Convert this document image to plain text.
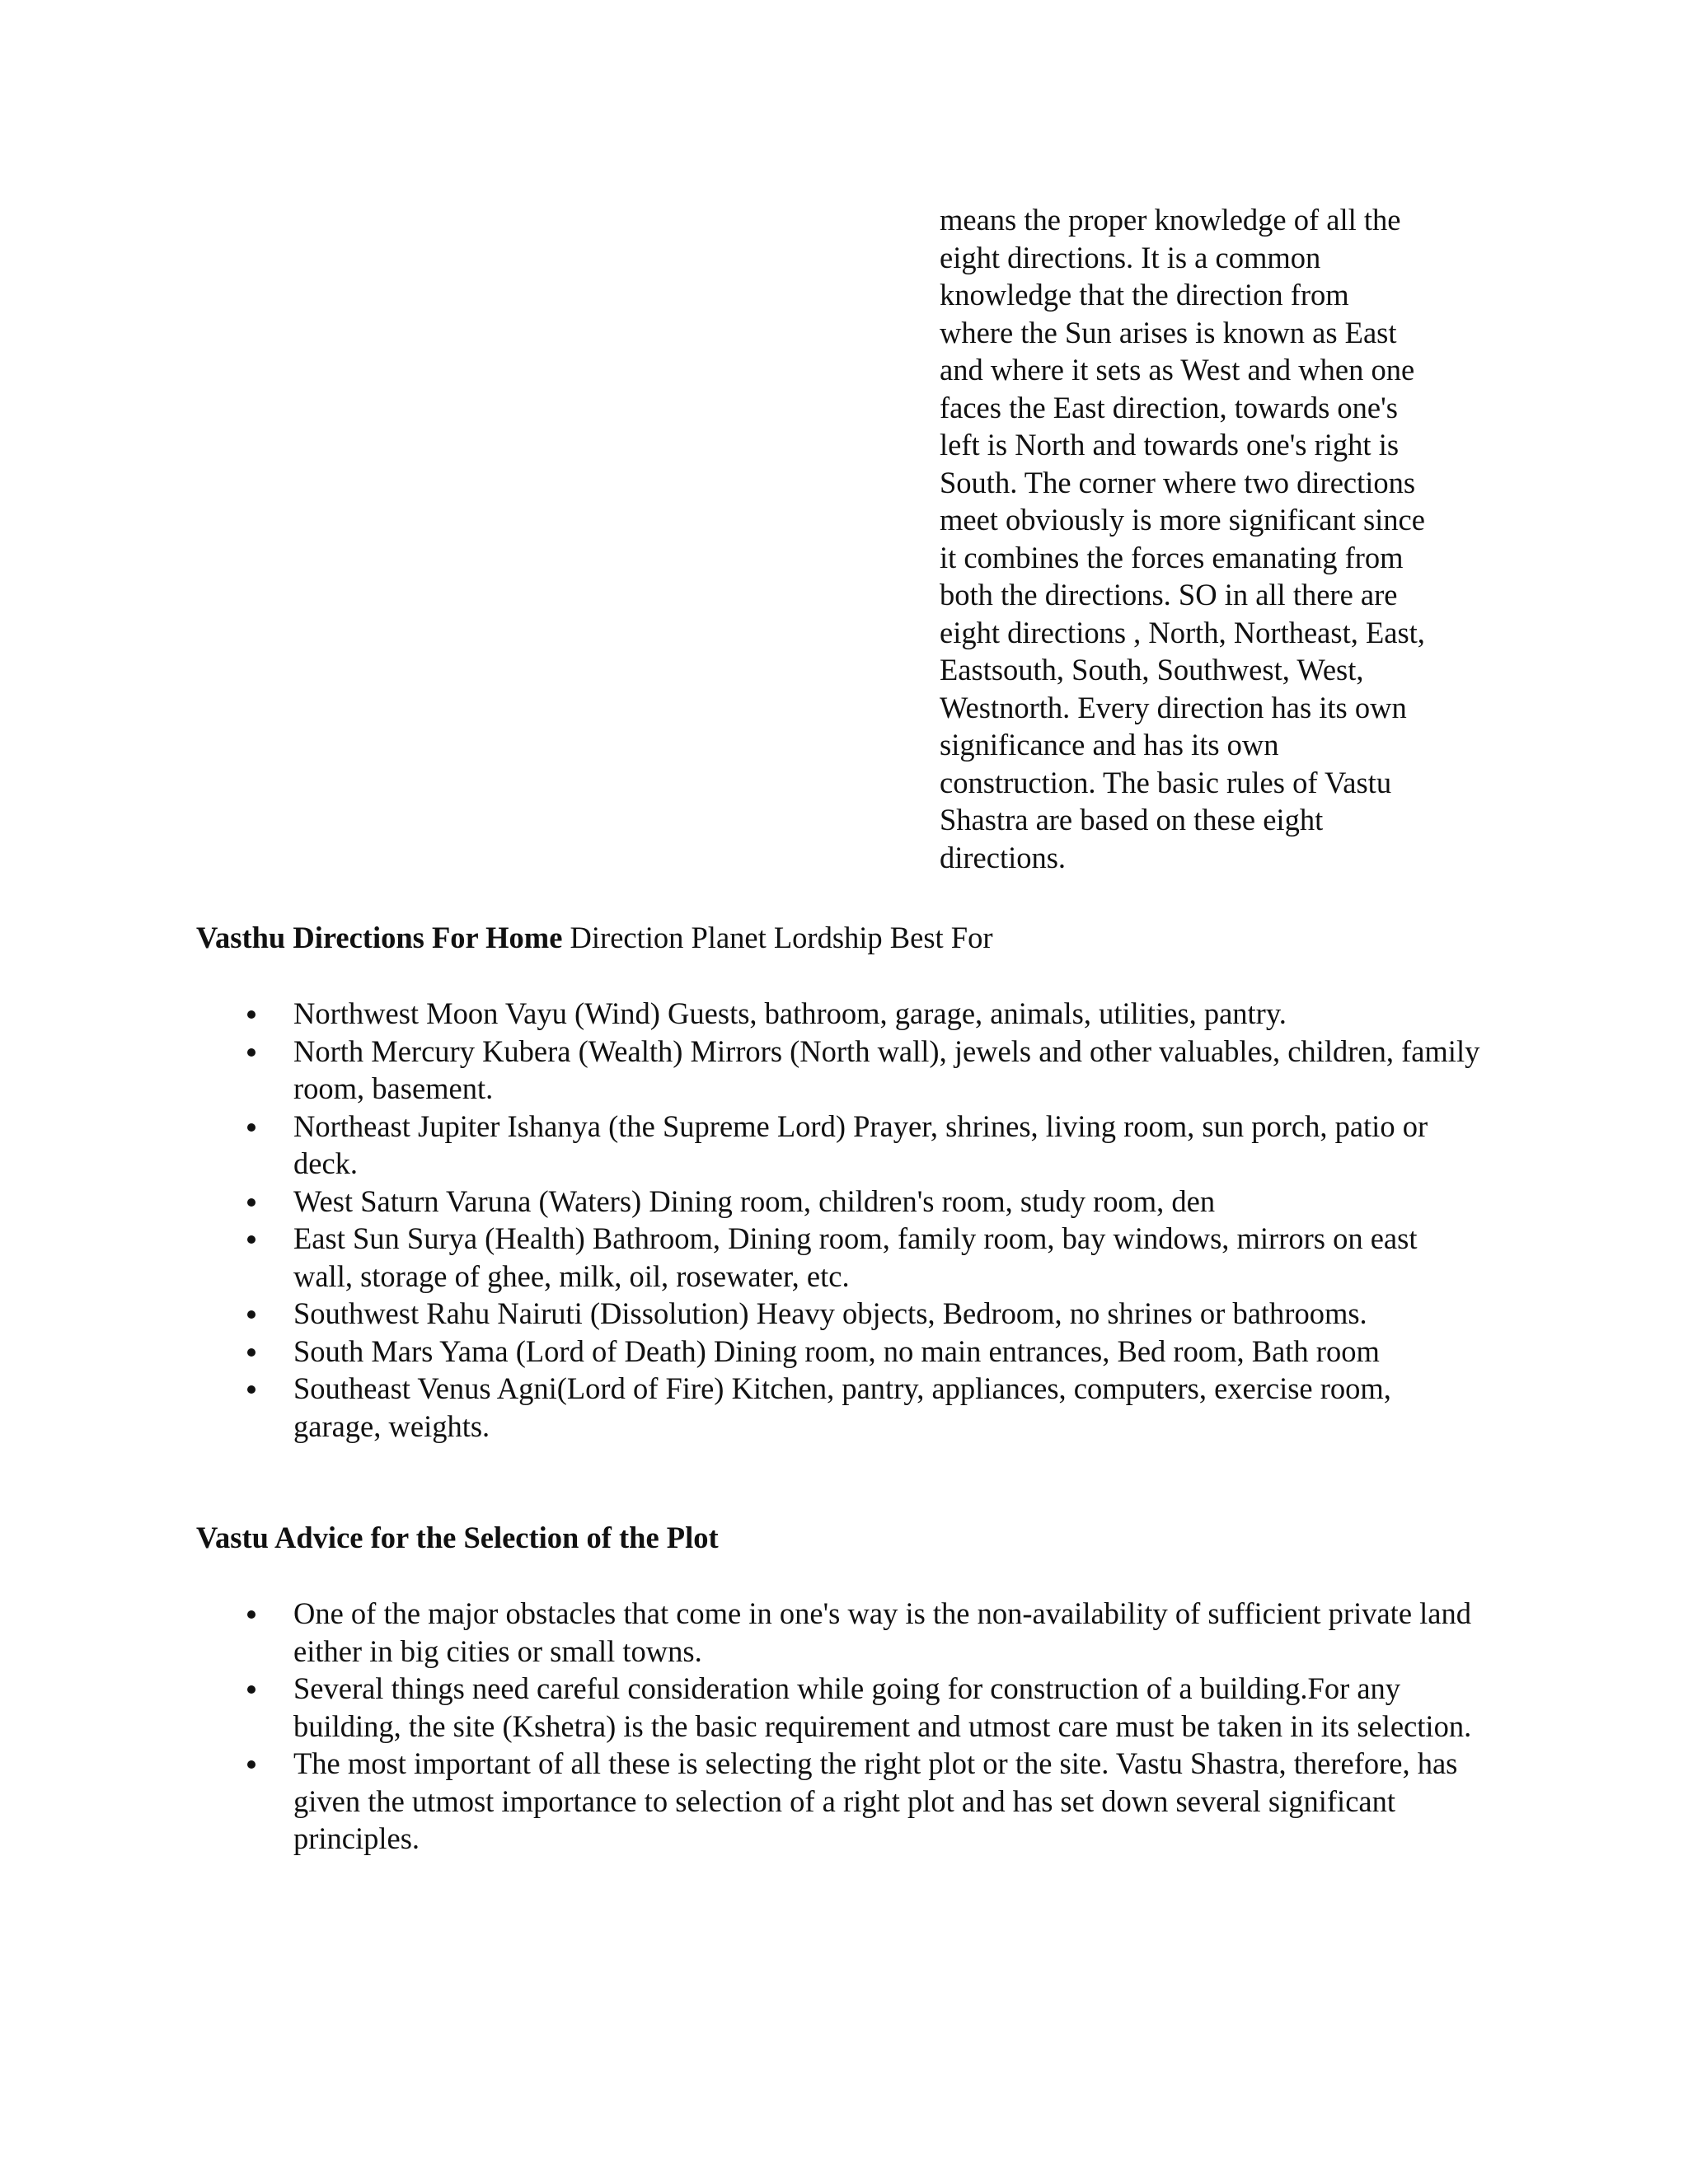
means the proper knowledge of all the
eight directions. It is a common
knowledge that the direction from
where the Sun arises is known as East
and where it sets as West and when one
faces the East direction, towards one's
left is North and towards one's right is
South. The corner where two directions
meet obviously is more significant since
it combines the forces emanating from
both the directions. SO in all there are
eight directions , North, Northeast, East,
Eastsouth, South, Southwest, West,
Westnorth. Every direction has its own
significance and has its own
construction. The basic rules of Vastu
Shastra are based on these eight
directions.

Vasthu Directions For Home Direction Planet Lordship Best For

Northwest Moon Vayu (Wind) Guests, bathroom, garage, animals, utilities, pantry.
North Mercury Kubera (Wealth) Mirrors (North wall), jewels and other valuables, children, family room, basement.
Northeast Jupiter Ishanya (the Supreme Lord) Prayer, shrines, living room, sun porch, patio or deck.
West Saturn Varuna (Waters) Dining room, children's room, study room, den
East Sun Surya (Health) Bathroom, Dining room, family room, bay windows, mirrors on east wall, storage of ghee, milk, oil, rosewater, etc.
Southwest Rahu Nairuti (Dissolution) Heavy objects, Bedroom, no shrines or bathrooms.
South Mars Yama (Lord of Death) Dining room, no main entrances, Bed room, Bath room
Southeast Venus Agni(Lord of Fire) Kitchen, pantry, appliances, computers, exercise room, garage, weights.

Vastu Advice for the Selection of the Plot

One of the major obstacles that come in one's way is the non-availability of sufficient private land either in big cities or small towns.
Several things need careful consideration while going for construction of a building.For any building, the site (Kshetra) is the basic requirement and utmost care must be taken in its selection.
The most important of all these is selecting the right plot or the site. Vastu Shastra, therefore, has given the utmost importance to selection of a right plot and has set down several significant principles.
